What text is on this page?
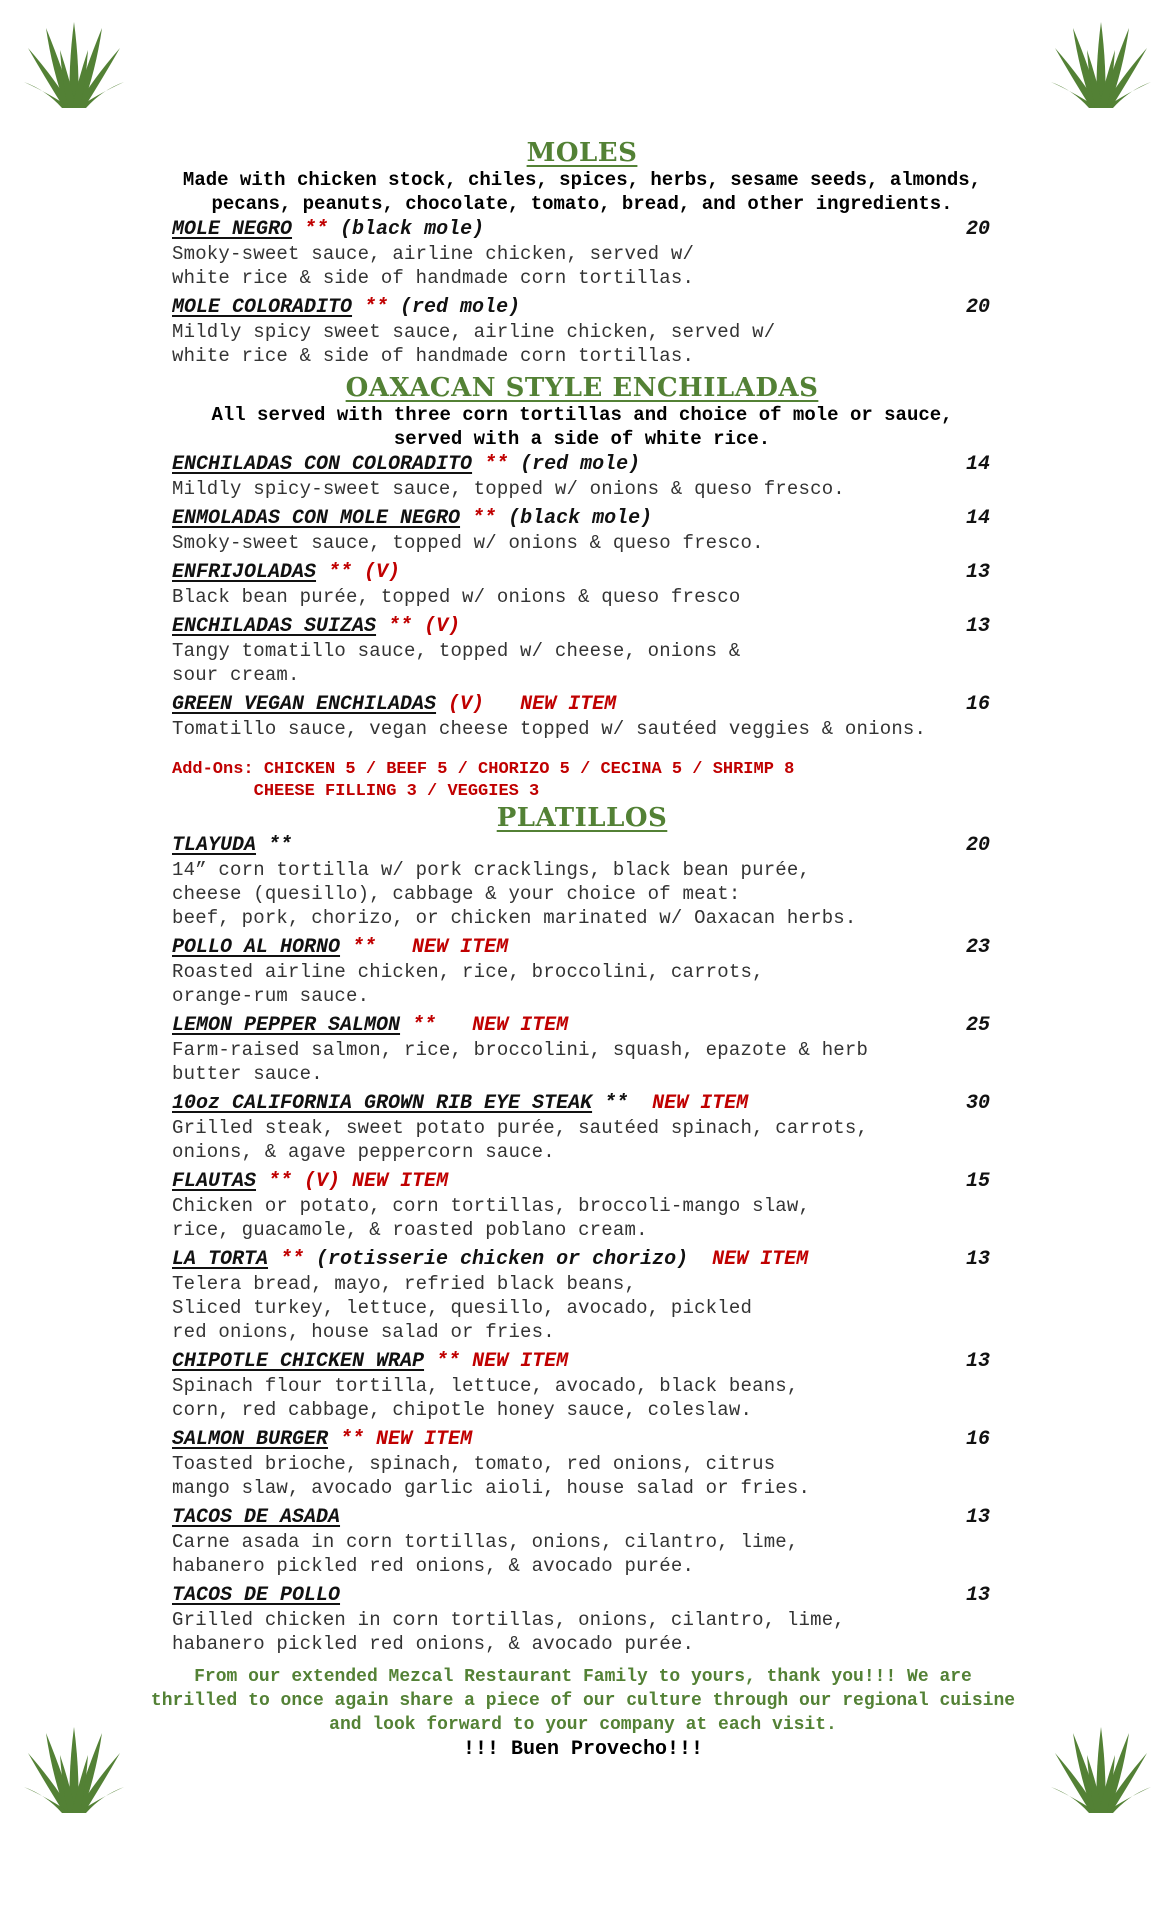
MOLES

Made with chicken stock, chiles, spices, herbs, sesame seeds, almonds, pecans, peanuts, chocolate, tomato, bread, and other ingredients.

MOLE NEGRO ** (black mole)	20
Smoky-sweet sauce, airline chicken, served w/
white rice & side of handmade corn tortillas.
MOLE COLORADITO ** (red mole)	20
Mildly spicy sweet sauce, airline chicken, served w/
white rice & side of handmade corn tortillas.
OAXACAN STYLE ENCHILADAS

All served with three corn tortillas and choice of mole or sauce, served with a side of white rice.

ENCHILADAS CON COLORADITO ** (red mole)	14
Mildly spicy-sweet sauce, topped w/ onions & queso fresco.
ENMOLADAS CON MOLE NEGRO ** (black mole)	14
Smoky-sweet sauce, topped w/ onions & queso fresco.
ENFRIJOLADAS ** (V)	13
Black bean purée, topped w/ onions & queso fresco
ENCHILADAS SUIZAS ** (V)	13
Tangy tomatillo sauce, topped w/ cheese, onions &
sour cream.
GREEN VEGAN ENCHILADAS (V)   NEW ITEM	16
Tomatillo sauce, vegan cheese topped w/ sautéed veggies & onions.
Add-Ons: CHICKEN 5 / BEEF 5 / CHORIZO 5 / CECINA 5 / SHRIMP 8
CHEESE FILLING 3 / VEGGIES 3
PLATILLOS
TLAYUDA **	20
14” corn tortilla w/ pork cracklings, black bean purée,
cheese (quesillo), cabbage & your choice of meat:
beef, pork, chorizo, or chicken marinated w/ Oaxacan herbs.
POLLO AL HORNO **   NEW ITEM	23
Roasted airline chicken, rice, broccolini, carrots,
orange-rum sauce.
LEMON PEPPER SALMON **   NEW ITEM	25
Farm-raised salmon, rice, broccolini, squash, epazote & herb
butter sauce.
10oz CALIFORNIA GROWN RIB EYE STEAK **  NEW ITEM	30
Grilled steak, sweet potato purée, sautéed spinach, carrots,
onions, & agave peppercorn sauce.
FLAUTAS ** (V) NEW ITEM	15
Chicken or potato, corn tortillas, broccoli-mango slaw,
rice, guacamole, & roasted poblano cream.
LA TORTA ** (rotisserie chicken or chorizo)  NEW ITEM	13
Telera bread, mayo, refried black beans,
Sliced turkey, lettuce, quesillo, avocado, pickled
red onions, house salad or fries.
CHIPOTLE CHICKEN WRAP ** NEW ITEM	13
Spinach flour tortilla, lettuce, avocado, black beans,
corn, red cabbage, chipotle honey sauce, coleslaw.
SALMON BURGER ** NEW ITEM	16
Toasted brioche, spinach, tomato, red onions, citrus
mango slaw, avocado garlic aioli, house salad or fries.
TACOS DE ASADA	13
Carne asada in corn tortillas, onions, cilantro, lime,
habanero pickled red onions, & avocado purée.
TACOS DE POLLO	13
Grilled chicken in corn tortillas, onions, cilantro, lime,
habanero pickled red onions, & avocado purée.

From our extended Mezcal Restaurant Family to yours, thank you!!! We are thrilled to once again share a piece of our culture through our regional cuisine and look forward to your company at each visit.

!!! Buen Provecho!!!
